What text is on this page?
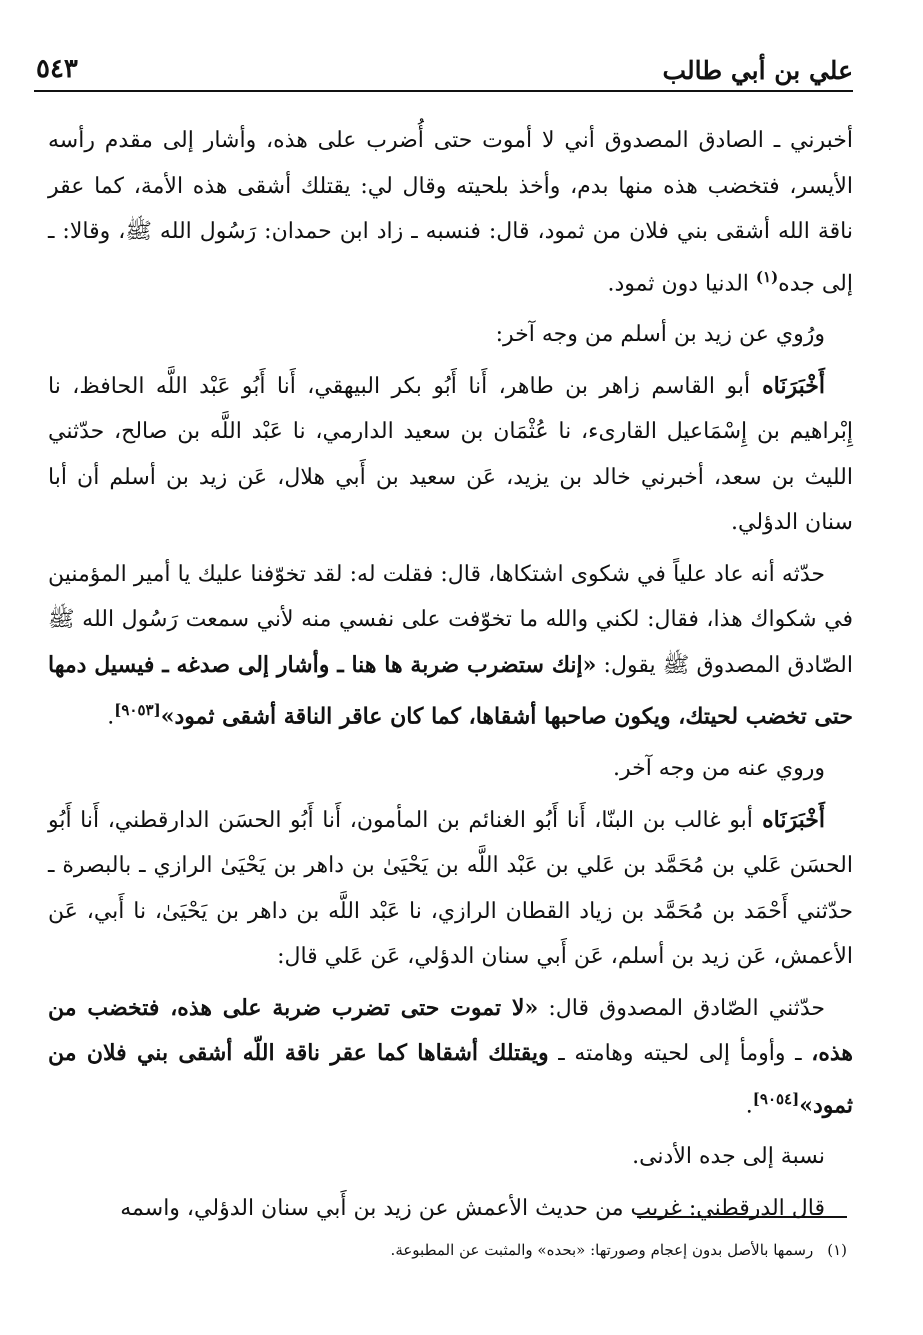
علي بن أبي طالب
٥٤٣

أخبرني ـ الصادق المصدوق أني لا أموت حتى أُضرب على هذه، وأشار إلى مقدم رأسه الأيسر، فتخضب هذه منها بدم، وأخذ بلحيته وقال لي: يقتلك أشقى هذه الأمة، كما عقر ناقة الله أشقى بني فلان من ثمود، قال: فنسبه ـ زاد ابن حمدان: رَسُول الله ﷺ، وقالا: ـ إلى جده$^{(١)}$ الدنيا دون ثمود.

ورُوي عن زيد بن أسلم من وجه آخر:

أَخْبَرَنَاه أبو القاسم زاهر بن طاهر، أَنا أَبُو بكر البيهقي، أَنا أَبُو عَبْد اللَّه الحافظ، نا إِبْراهيم بن إِسْمَاعيل القارىء، نا عُثْمَان بن سعيد الدارمي، نا عَبْد اللَّه بن صالح، حدّثني الليث بن سعد، أخبرني خالد بن يزيد، عَن سعيد بن أَبي هلال، عَن زيد بن أسلم أن أبا سنان الدؤلي.

حدّثه أنه عاد علياً في شكوى اشتكاها، قال: فقلت له: لقد تخوّفنا عليك يا أمير المؤمنين في شكواك هذا، فقال: لكني والله ما تخوّفت على نفسي منه لأني سمعت رَسُول الله ﷺ الصّادق المصدوق ﷺ يقول: «إنك ستضرب ضربة ها هنا ـ وأشار إلى صدغه ـ فيسيل دمها حتى تخضب لحيتك، ويكون صاحبها أشقاها، كما كان عاقر الناقة أشقى ثمود»[٩٠٥٣].

وروي عنه من وجه آخر.

أَخْبَرَنَاه أبو غالب بن البنّا، أَنا أَبُو الغنائم بن المأمون، أَنا أَبُو الحسَن الدارقطني، أَنا أَبُو الحسَن عَلي بن مُحَمَّد بن عَلي بن عَبْد اللَّه بن يَحْيَىٰ بن داهر بن يَحْيَىٰ الرازي ـ بالبصرة ـ حدّثني أَحْمَد بن مُحَمَّد بن زياد القطان الرازي، نا عَبْد اللَّه بن داهر بن يَحْيَىٰ، نا أَبي، عَن الأعمش، عَن زيد بن أسلم، عَن أَبي سنان الدؤلي، عَن عَلي قال:

حدّثني الصّادق المصدوق قال: «لا تموت حتى تضرب ضربة على هذه، فتخضب من هذه، ـ وأومأ إلى لحيته وهامته ـ ويقتلك أشقاها كما عقر ناقة اللّه أشقى بني فلان من ثمود»[٩٠٥٤].

نسبة إلى جده الأدنى.

قال الدرقطني: غريب من حديث الأعمش عن زيد بن أَبي سنان الدؤلي، واسمه

(١)رسمها بالأصل بدون إعجام وصورتها: «بحده» والمثبت عن المطبوعة.
